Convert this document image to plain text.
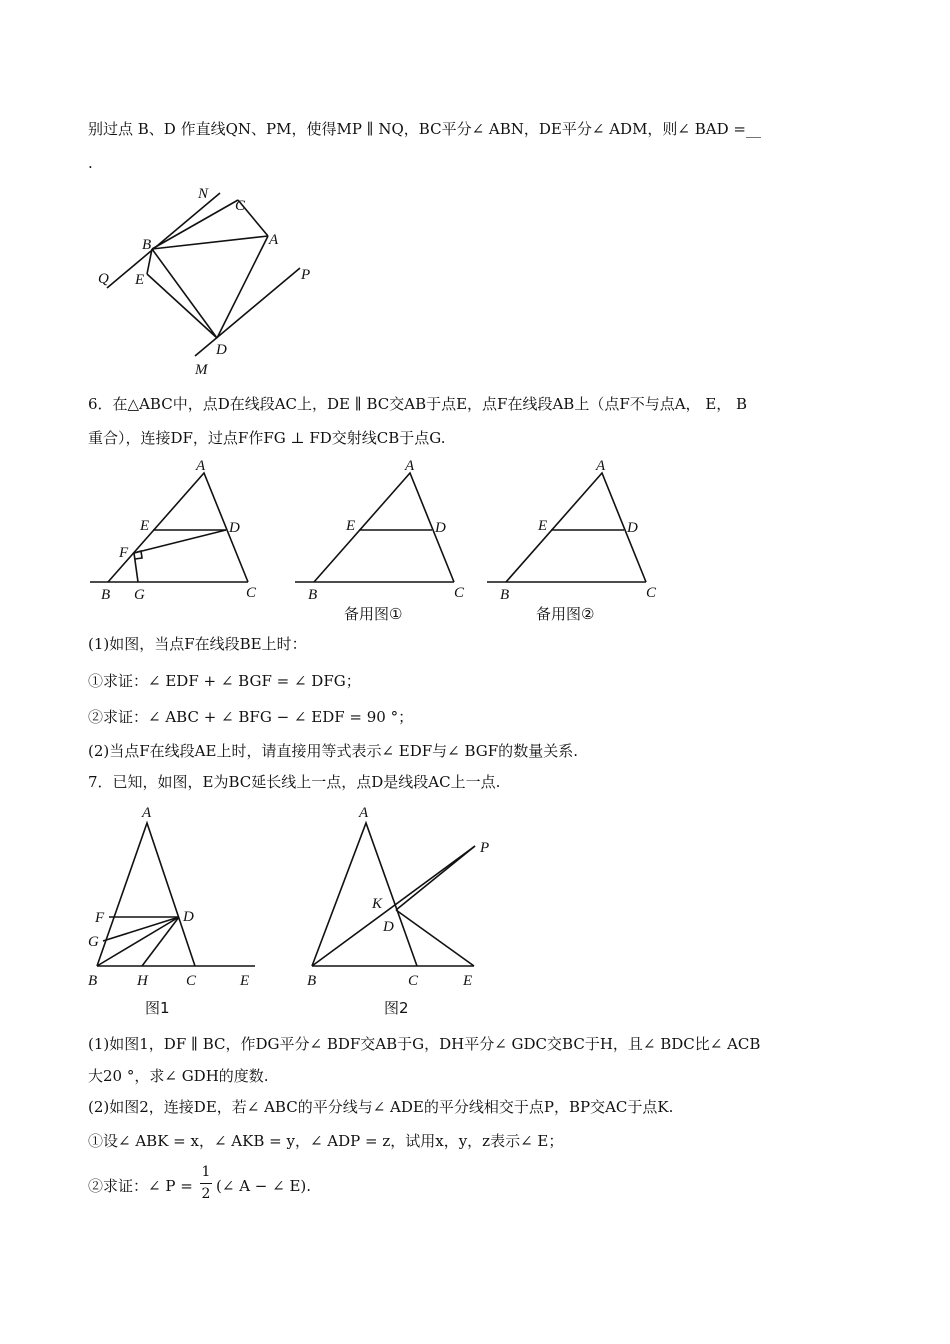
别过点 B、D 作直线QN、PM，使得MP ∥ NQ，BC平分∠ ABN，DE平分∠ ADM，则∠ BAD =__
.
N
C
B	A
Q E	P
D
M
6．在△ABC中，点D在线段AC上，DE ∥ BC交AB于点E，点F在线段AB上（点F不与点A， E， B
重合），连接DF，过点F作FG ⊥ FD交射线CB于点G.
A
E	D
F
B G	C
A
E	D
B	C
备用图①
A
E	D
B	C
备用图②
(1)如图，当点F在线段BE上时：
①求证：∠ EDF + ∠ BGF = ∠ DFG；
②求证：∠ ABC + ∠ BFG − ∠ EDF = 90 °；
(2)当点F在线段AE上时，请直接用等式表示∠ EDF与∠ BGF的数量关系.
7．已知，如图，E为BC延长线上一点，点D是线段AC上一点.
A
F	D
G
B	H	C	E
图1
A
P
K
D
B	C	E
图2
(1)如图1，DF ∥ BC，作DG平分∠ BDF交AB于G，DH平分∠ GDC交BC于H，且∠ BDC比∠ ACB
大20 °，求∠ GDH的度数.
(2)如图2，连接DE，若∠ ABC的平分线与∠ ADE的平分线相交于点P，BP交AC于点K.
①设∠ ABK = x，∠ AKB = y，∠ ADP = z，试用x，y，z表示∠ E；
②求证：∠ P =
1
2 (∠ A − ∠ E).
